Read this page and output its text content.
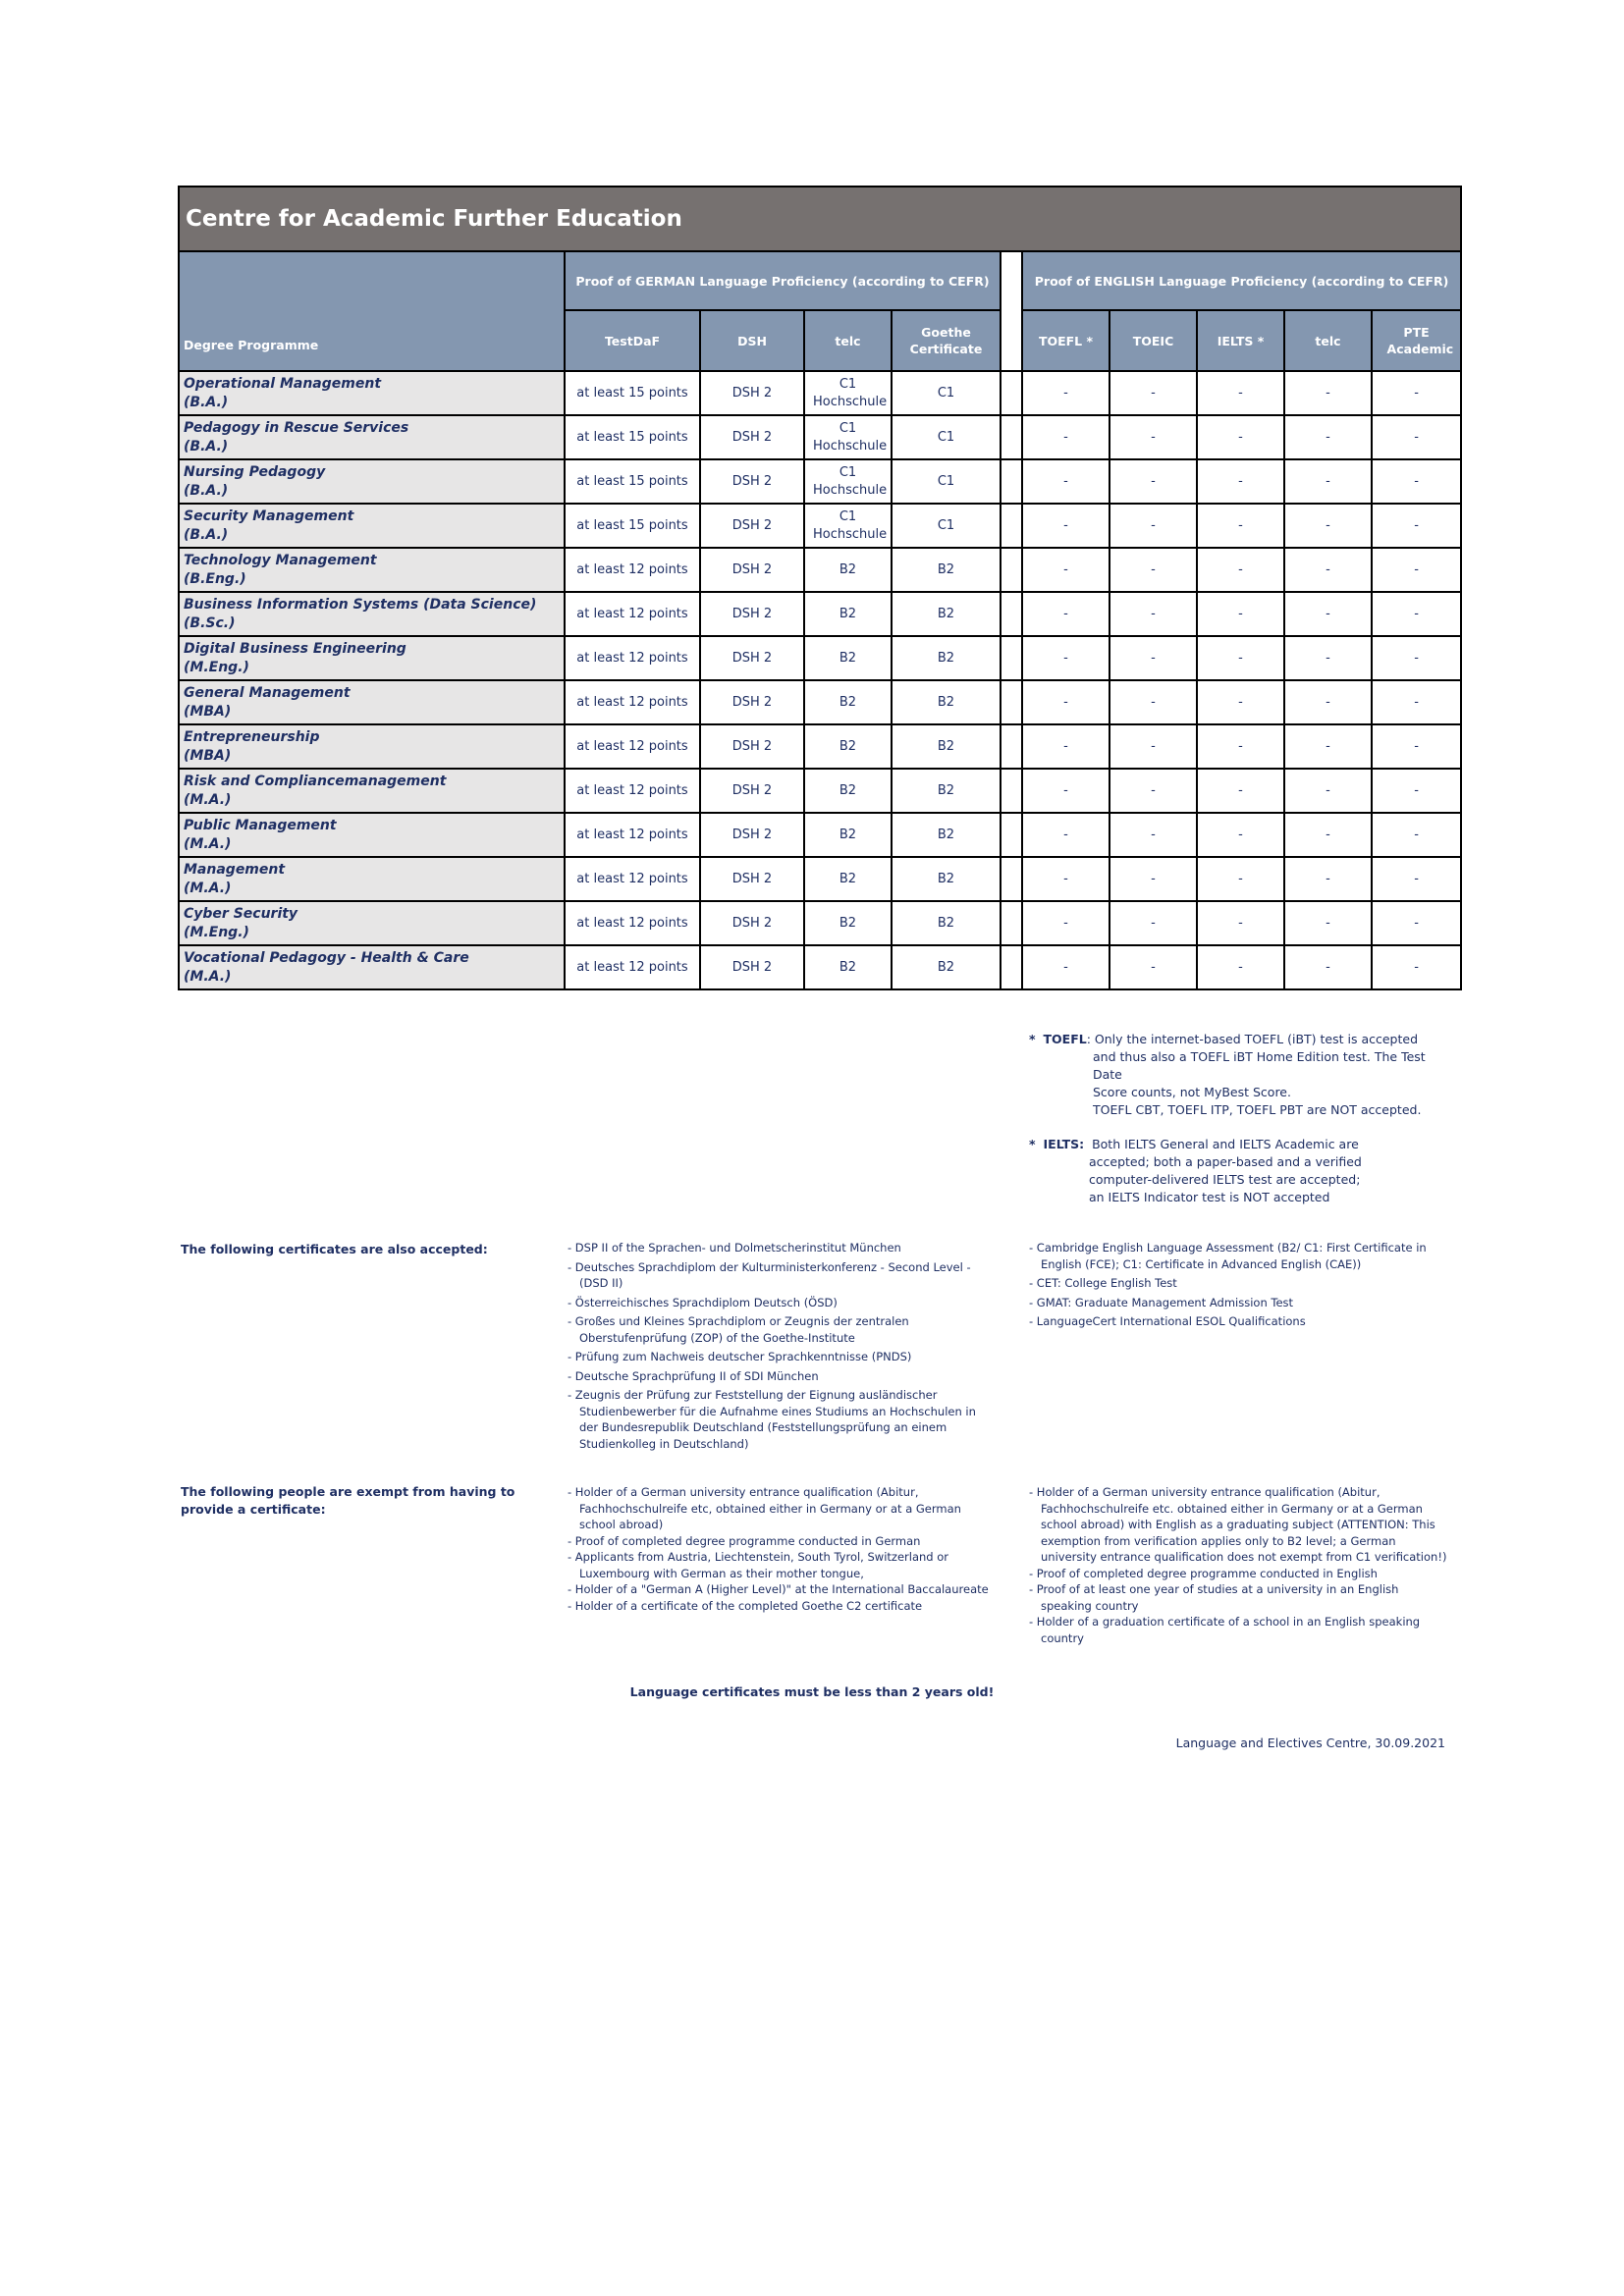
Centre for Academic Further Education										
Degree Programme	Proof of GERMAN Language Proficiency (according to CEFR)					Proof of ENGLISH Language Proficiency (according to CEFR)				
	TestDaF	DSH	telc	Goethe Certificate		TOEFL *	TOEIC	IELTS *	telc	PTE Academic

Operational Management
(B.A.)	at least 15 points	DSH 2	C1 Hochschule	C1		-	-	-	-	-

Pedagogy in Rescue Services
(B.A.)	at least 15 points	DSH 2	C1 Hochschule	C1		-	-	-	-	-

Nursing Pedagogy
(B.A.)	at least 15 points	DSH 2	C1 Hochschule	C1		-	-	-	-	-

Security Management
(B.A.)	at least 15 points	DSH 2	C1 Hochschule	C1		-	-	-	-	-

Technology Management
(B.Eng.)	at least 12 points	DSH 2	B2	B2		-	-	-	-	-

Business Information Systems (Data Science)
(B.Sc.)	at least 12 points	DSH 2	B2	B2		-	-	-	-	-

Digital Business Engineering
(M.Eng.)	at least 12 points	DSH 2	B2	B2		-	-	-	-	-

General Management
(MBA)	at least 12 points	DSH 2	B2	B2		-	-	-	-	-

Entrepreneurship
(MBA)	at least 12 points	DSH 2	B2	B2		-	-	-	-	-

Risk and Compliancemanagement
(M.A.)	at least 12 points	DSH 2	B2	B2		-	-	-	-	-

Public Management
(M.A.)	at least 12 points	DSH 2	B2	B2		-	-	-	-	-

Management
(M.A.)	at least 12 points	DSH 2	B2	B2		-	-	-	-	-

Cyber Security
(M.Eng.)	at least 12 points	DSH 2	B2	B2		-	-	-	-	-

Vocational Pedagogy - Health & Care
(M.A.)	at least 12 points	DSH 2	B2	B2		-	-	-	-	-
* TOEFL: Only the internet-based TOEFL (iBT) test is accepted
and thus also a TOEFL iBT Home Edition test. The Test Date
Score counts, not MyBest Score.
TOEFL CBT, TOEFL ITP, TOEFL PBT are NOT accepted.
* IELTS: Both IELTS General and IELTS Academic are
accepted; both a paper-based and a verified
computer-delivered IELTS test are accepted;
an IELTS Indicator test is NOT accepted
The following certificates are also accepted:	- DSP II of the Sprachen- und Dolmetscherinstitut München
- Deutsches Sprachdiplom der Kulturministerkonferenz - Second Level - (DSD II)
- Österreichisches Sprachdiplom Deutsch (ÖSD)
- Großes und Kleines Sprachdiplom or Zeugnis der zentralen Oberstufenprüfung (ZOP) of the Goethe-Institute
- Prüfung zum Nachweis deutscher Sprachkenntnisse (PNDS)
- Deutsche Sprachprüfung II of SDI München
- Zeugnis der Prüfung zur Feststellung der Eignung ausländischer Studienbewerber für die Aufnahme eines Studiums an Hochschulen in der Bundesrepublik Deutschland (Feststellungsprüfung an einem Studienkolleg in Deutschland)
- Cambridge English Language Assessment (B2/ C1: First Certificate in English (FCE); C1: Certificate in Advanced English (CAE))
- CET: College English Test
- GMAT: Graduate Management Admission Test
- LanguageCert International ESOL Qualifications
The following people are exempt from having to provide a certificate:
- Holder of a German university entrance qualification (Abitur, Fachhochschulreife etc, obtained either in Germany or at a German school abroad)
- Proof of completed degree programme conducted in German
- Applicants from Austria, Liechtenstein, South Tyrol, Switzerland or Luxembourg with German as their mother tongue,
- Holder of a "German A (Higher Level)" at the International Baccalaureate
- Holder of a certificate of the completed Goethe C2 certificate
- Holder of a German university entrance qualification (Abitur, Fachhochschulreife etc. obtained either in Germany or at a German school abroad) with English as a graduating subject (ATTENTION: This exemption from verification applies only to B2 level; a German university entrance qualification does not exempt from C1 verification!)
- Proof of completed degree programme conducted in English
- Proof of at least one year of studies at a university in an English speaking country
- Holder of a graduation certificate of a school in an English speaking country
Language certificates must be less than 2 years old!
Language and Electives Centre, 30.09.2021
